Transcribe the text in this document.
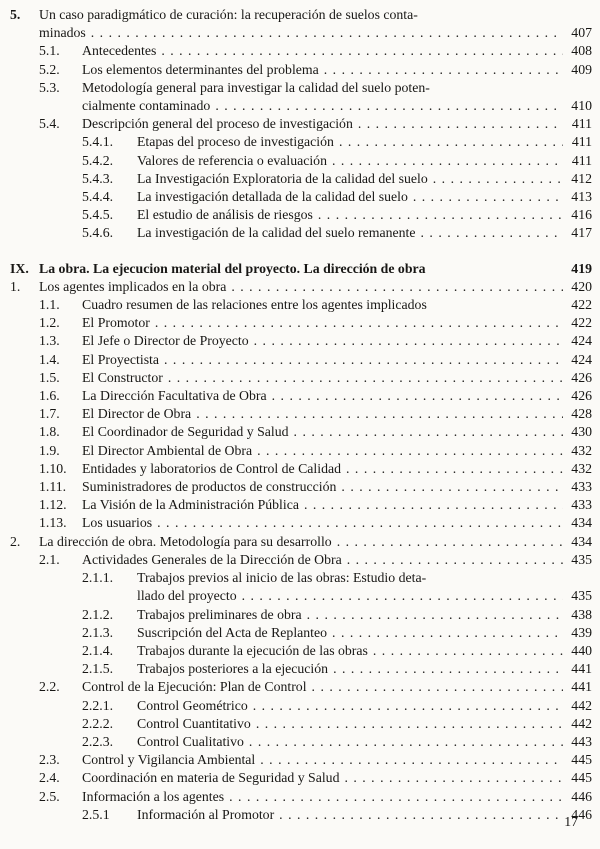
5.	Un caso paradigmático de curación: la recuperación de suelos conta-
minados . . .	407
5.1.	Antecedentes . . .	408
5.2.	Los elementos determinantes del problema . . .	409
5.3.	Metodología general para investigar la calidad del suelo poten-
cialmente contaminado . . .	410
5.4.	Descripción general del proceso de investigación . . .	411
5.4.1.	Etapas del proceso de investigación . . .	411
5.4.2.	Valores de referencia o evaluación . . .	411
5.4.3.	La Investigación Exploratoria de la calidad del suelo . . .	412
5.4.4.	La investigación detallada de la calidad del suelo . . .	413
5.4.5.	El estudio de análisis de riesgos . . .	416
5.4.6.	La investigación de la calidad del suelo remanente . . .	417
IX. La obra. La ejecucion material del proyecto. La dirección de obra	419
1.	Los agentes implicados en la obra . . .	420
1.1.	Cuadro resumen de las relaciones entre los agentes implicados	422
1.2.	El Promotor . . .	422
1.3.	El Jefe o Director de Proyecto . . .	424
1.4.	El Proyectista . . .	424
1.5.	El Constructor . . .	426
1.6.	La Dirección Facultativa de Obra . . .	426
1.7.	El Director de Obra . . .	428
1.8.	El Coordinador de Seguridad y Salud . . .	430
1.9.	El Director Ambiental de Obra . . .	432
1.10.	Entidades y laboratorios de Control de Calidad . . .	432
1.11.	Suministradores de productos de construcción . . .	433
1.12.	La Visión de la Administración Pública . . .	433
1.13.	Los usuarios . . .	434
2.	La dirección de obra. Metodología para su desarrollo . . .	434
2.1.	Actividades Generales de la Dirección de Obra . . .	435
2.1.1.	Trabajos previos al inicio de las obras: Estudio deta-
llado del proyecto . . .	435
2.1.2.	Trabajos preliminares de obra . . .	438
2.1.3.	Suscripción del Acta de Replanteo . . .	439
2.1.4.	Trabajos durante la ejecución de las obras . . .	440
2.1.5.	Trabajos posteriores a la ejecución . . .	441
2.2.	Control de la Ejecución: Plan de Control . . .	441
2.2.1.	Control Geométrico . . .	442
2.2.2.	Control Cuantitativo . . .	442
2.2.3.	Control Cualitativo . . .	443
2.3.	Control y Vigilancia Ambiental . . .	445
2.4.	Coordinación en materia de Seguridad y Salud . . .	445
2.5.	Información a los agentes . . .	446
2.5.1	Información al Promotor . . .	446
17
